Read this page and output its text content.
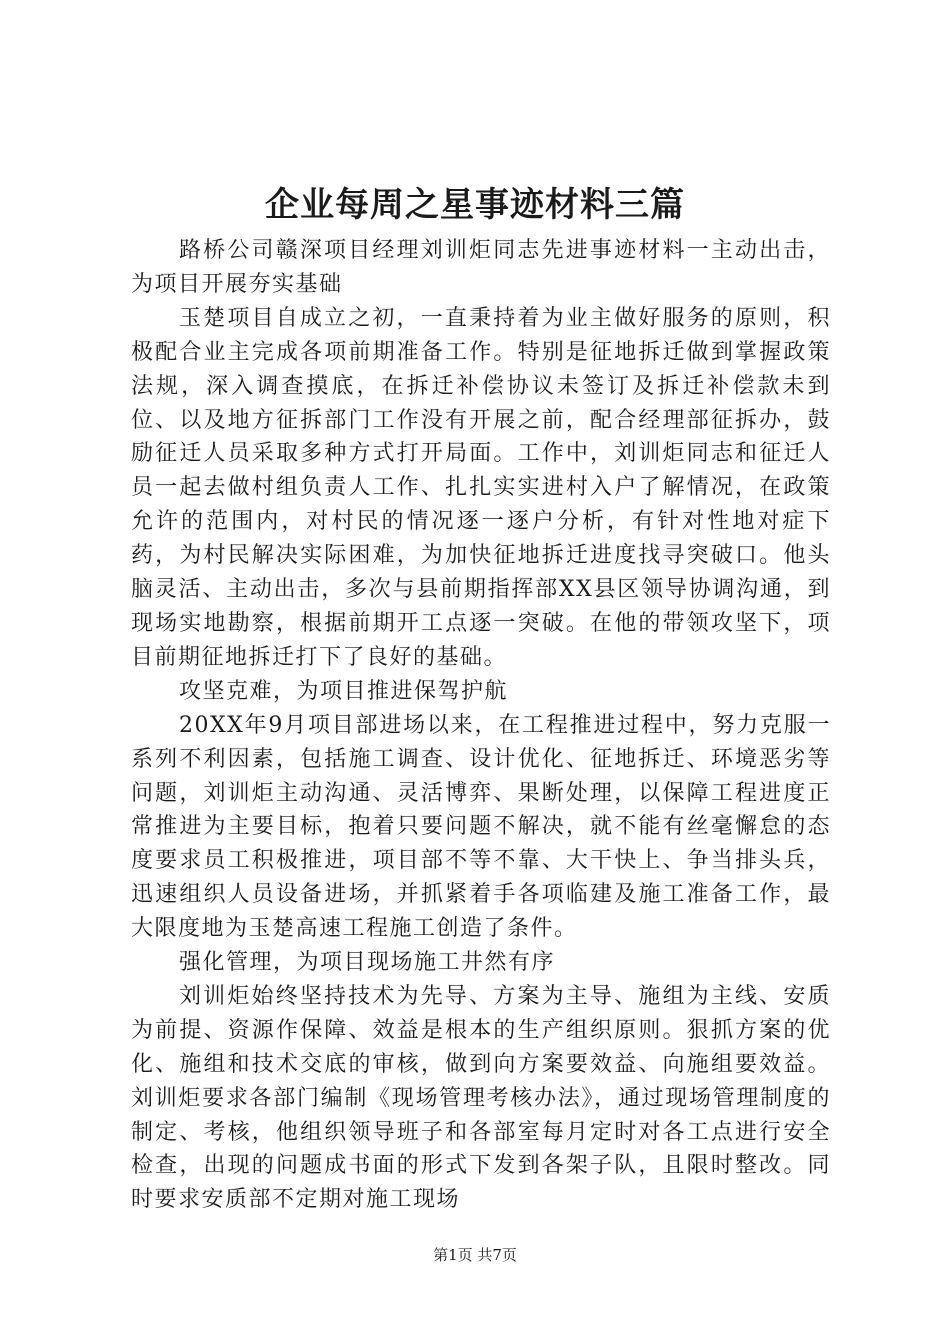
企业每周之星事迹材料三篇

路桥公司赣深项目经理刘训炬同志先进事迹材料一主动出击，为项目开展夯实基础

玉楚项目自成立之初，一直秉持着为业主做好服务的原则，积极配合业主完成各项前期准备工作。特别是征地拆迁做到掌握政策法规，深入调查摸底，在拆迁补偿协议未签订及拆迁补偿款未到位、以及地方征拆部门工作没有开展之前，配合经理部征拆办，鼓励征迁人员采取多种方式打开局面。工作中，刘训炬同志和征迁人员一起去做村组负责人工作、扎扎实实进村入户了解情况，在政策允许的范围内，对村民的情况逐一逐户分析，有针对性地对症下药，为村民解决实际困难，为加快征地拆迁进度找寻突破口。他头脑灵活、主动出击，多次与县前期指挥部XX县区领导协调沟通，到现场实地勘察，根据前期开工点逐一突破。在他的带领攻坚下，项目前期征地拆迁打下了良好的基础。

攻坚克难，为项目推进保驾护航

20XX年9月项目部进场以来，在工程推进过程中，努力克服一系列不利因素，包括施工调查、设计优化、征地拆迁、环境恶劣等问题，刘训炬主动沟通、灵活博弈、果断处理，以保障工程进度正常推进为主要目标，抱着只要问题不解决，就不能有丝毫懈怠的态度要求员工积极推进，项目部不等不靠、大干快上、争当排头兵，迅速组织人员设备进场，并抓紧着手各项临建及施工准备工作，最大限度地为玉楚高速工程施工创造了条件。

强化管理，为项目现场施工井然有序

刘训炬始终坚持技术为先导、方案为主导、施组为主线、安质为前提、资源作保障、效益是根本的生产组织原则。狠抓方案的优化、施组和技术交底的审核，做到向方案要效益、向施组要效益。刘训炬要求各部门编制《现场管理考核办法》，通过现场管理制度的制定、考核，他组织领导班子和各部室每月定时对各工点进行安全检查，出现的问题成书面的形式下发到各架子队，且限时整改。同时要求安质部不定期对施工现场

第1页 共7页
